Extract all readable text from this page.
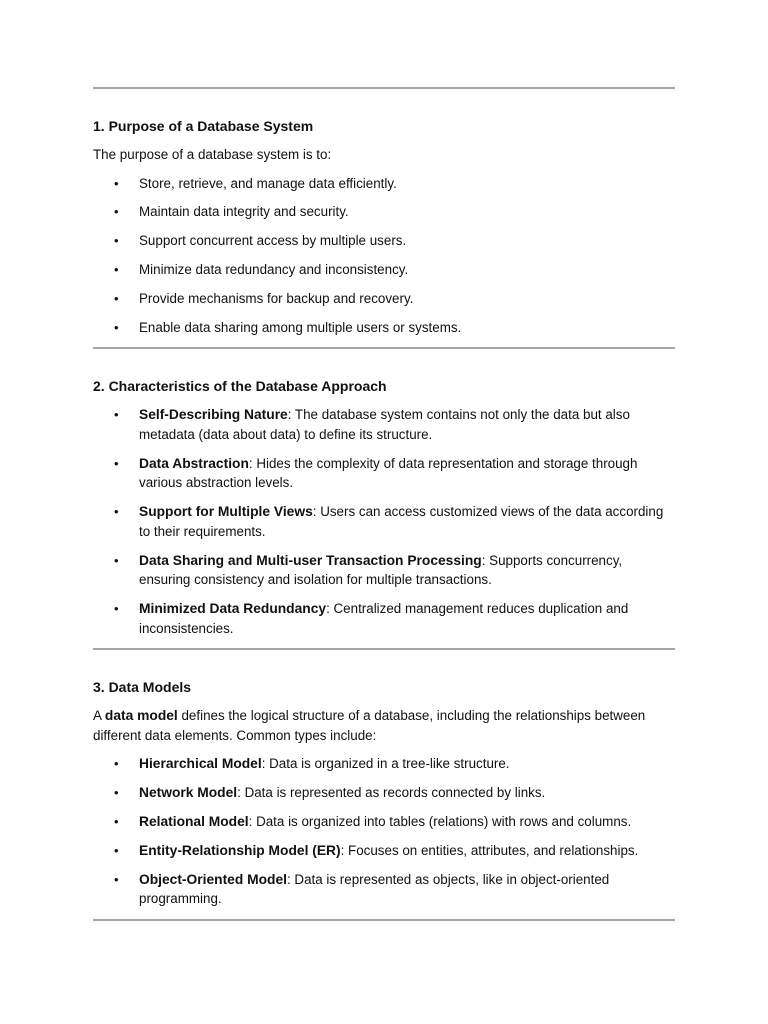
1. Purpose of a Database System
The purpose of a database system is to:
• Store, retrieve, and manage data efficiently.
• Maintain data integrity and security.
• Support concurrent access by multiple users.
• Minimize data redundancy and inconsistency.
• Provide mechanisms for backup and recovery.
• Enable data sharing among multiple users or systems.
2. Characteristics of the Database Approach
• Self-Describing Nature: The database system contains not only the data but also metadata (data about data) to define its structure.
• Data Abstraction: Hides the complexity of data representation and storage through various abstraction levels.
• Support for Multiple Views: Users can access customized views of the data according to their requirements.
• Data Sharing and Multi-user Transaction Processing: Supports concurrency, ensuring consistency and isolation for multiple transactions.
• Minimized Data Redundancy: Centralized management reduces duplication and inconsistencies.
3. Data Models
A data model defines the logical structure of a database, including the relationships between different data elements. Common types include:
• Hierarchical Model: Data is organized in a tree-like structure.
• Network Model: Data is represented as records connected by links.
• Relational Model: Data is organized into tables (relations) with rows and columns.
• Entity-Relationship Model (ER): Focuses on entities, attributes, and relationships.
• Object-Oriented Model: Data is represented as objects, like in object-oriented programming.
